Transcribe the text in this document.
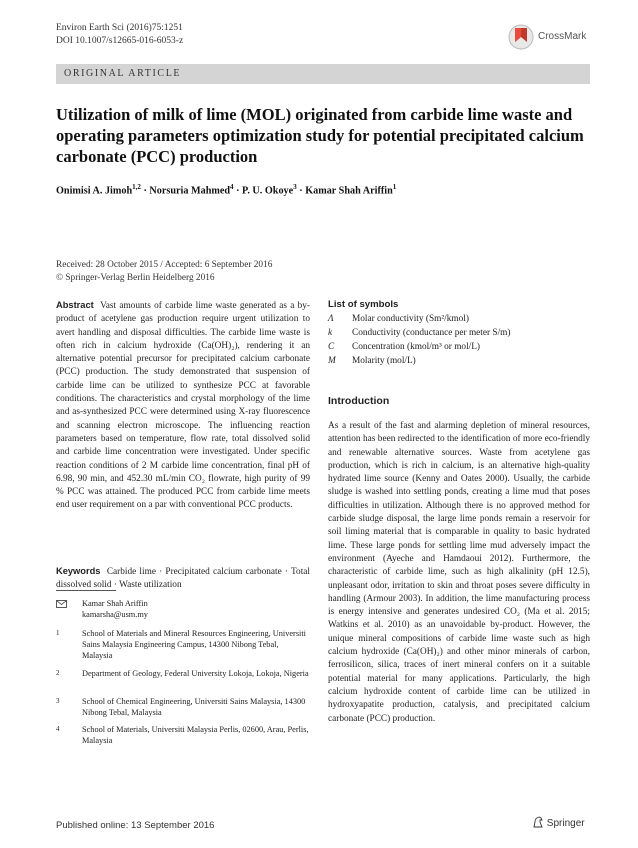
Environ Earth Sci (2016)75:1251
DOI 10.1007/s12665-016-6053-z	CrossMark
ORIGINAL ARTICLE
Utilization of milk of lime (MOL) originated from carbide lime waste and operating parameters optimization study for potential precipitated calcium carbonate (PCC) production
Onimisi A. Jimoh$^{1,2}$ · Norsuria Mahmed$^4$ · P. U. Okoye$^3$ · Kamar Shah Ariffin$^1$
Received: 28 October 2015 / Accepted: 6 September 2016
© Springer-Verlag Berlin Heidelberg 2016
Abstract Vast amounts of carbide lime waste generated as a by-product of acetylene gas production require urgent utilization to avert handling and disposal difficulties. The carbide lime waste is often rich in calcium hydroxide (Ca(OH)₂), rendering it an alternative potential precursor for precipitated calcium carbonate (PCC) production. The study demonstrated that suspension of carbide lime can be utilized to synthesize PCC at favorable conditions. The characteristics and crystal morphology of the lime and as-synthesized PCC were determined using X-ray fluorescence and scanning electron microscope. The influencing reaction parameters based on temperature, flow rate, total dissolved solid and carbide lime concentration were investigated. Under specific reaction conditions of 2 M carbide lime concentration, final pH of 6.98, 90 min, and 452.30 mL/min CO₂ flowrate, high purity of 99 % PCC was attained. The produced PCC from carbide lime meets end user requirement on a par with conventional PCC products.
Keywords Carbide lime · Precipitated calcium carbonate · Total dissolved solid · Waste utilization
Kamar Shah Ariffin
kamarsha@usm.my
1	School of Materials and Mineral Resources Engineering, Universiti Sains Malaysia Engineering Campus, 14300 Nibong Tebal, Malaysia
2	Department of Geology, Federal University Lokoja, Lokoja, Nigeria
3	School of Chemical Engineering, Universiti Sains Malaysia, 14300 Nibong Tebal, Malaysia
4	School of Materials, Universiti Malaysia Perlis, 02600, Arau, Perlis, Malaysia
List of symbols
Λ Molar conductivity (Sm²/kmol)
k Conductivity (conductance per meter S/m)
C Concentration (kmol/m³ or mol/L)
M Molarity (mol/L)
Introduction
As a result of the fast and alarming depletion of mineral resources, attention has been redirected to the identification of more eco-friendly and renewable alternative sources. Waste from acetylene gas production, which is rich in calcium, is an alternative high-quality hydrated lime source (Kenny and Oates 2000). Usually, the carbide sludge is washed into settling ponds, creating a lime mud that poses difficulties in utilization. Although there is no approved method for carbide sludge disposal, the large lime ponds remain a reservoir for soil liming material that is comparable in quality to basic hydrated lime. These large ponds for settling lime mud adversely impact the environment (Ayeche and Hamdaoui 2012). Furthermore, the characteristic of carbide lime, such as high alkalinity (pH 12.5), unpleasant odor, irritation to skin and throat poses severe difficulty in handling (Armour 2003). In addition, the lime manufacturing process is energy intensive and generates undesired CO₂ (Ma et al. 2015; Watkins et al. 2010) as an unavoidable by-product. However, the unique mineral compositions of carbide lime waste such as high calcium hydroxide (Ca(OH)₂) and other minor minerals of carbon, ferrosilicon, silica, traces of inert mineral confers on it a suitable potential material for many applications. Particularly, the high calcium hydroxide content of carbide lime can be utilized in hydroxyapatite production, catalysis, and precipitated calcium carbonate (PCC) production.
Published online: 13 September 2016	Springer
